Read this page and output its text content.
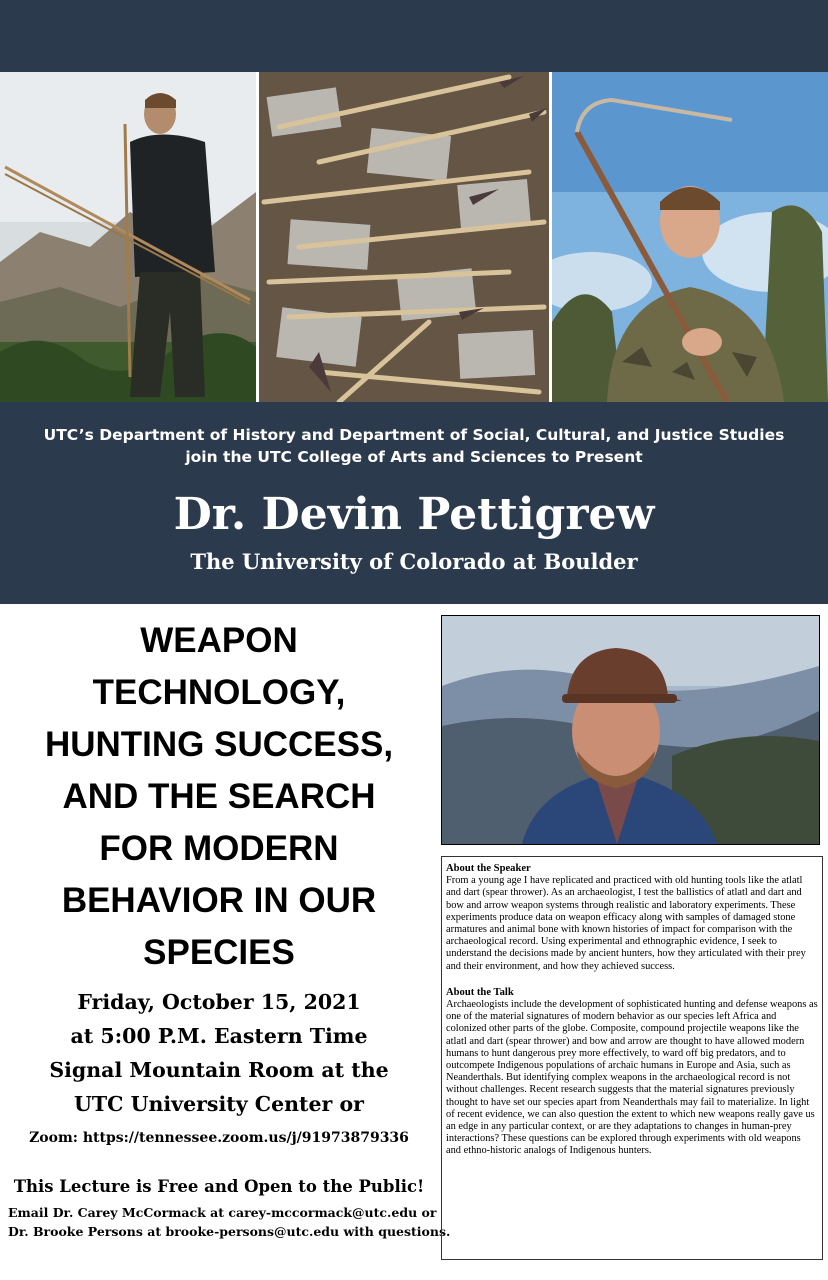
UTC’s Department of History and Department of Social, Cultural, and Justice Studies
join the UTC College of Arts and Sciences to Present
Dr. Devin Pettigrew
The University of Colorado at Boulder
WEAPON
TECHNOLOGY,
HUNTING SUCCESS,
AND THE SEARCH
FOR MODERN
BEHAVIOR IN OUR
SPECIES
Friday, October 15, 2021
at 5:00 P.M. Eastern Time
Signal Mountain Room at the
UTC University Center or
Zoom: https://tennessee.zoom.us/j/91973879336
This Lecture is Free and Open to the Public!
Email Dr. Carey McCormack at carey-mccormack@utc.edu or
Dr. Brooke Persons at brooke-persons@utc.edu with questions.

About the Speaker

From a young age I have replicated and practiced with old hunting tools like the atlatl and dart (spear thrower). As an archaeologist, I test the ballistics of atlatl and dart and bow and arrow weapon systems through realistic and laboratory experiments. These experiments produce data on weapon efficacy along with samples of damaged stone armatures and animal bone with known histories of impact for comparison with the archaeological record. Using experimental and ethnographic evidence, I seek to understand the decisions made by ancient hunters, how they articulated with their prey and their environment, and how they achieved success.

About the Talk

Archaeologists include the development of sophisticated hunting and defense weapons as one of the material signatures of modern behavior as our species left Africa and colonized other parts of the globe. Composite, compound projectile weapons like the atlatl and dart (spear thrower) and bow and arrow are thought to have allowed modern humans to hunt dangerous prey more effectively, to ward off big predators, and to outcompete Indigenous populations of archaic humans in Europe and Asia, such as Neanderthals. But identifying complex weapons in the archaeological record is not without challenges. Recent research suggests that the material signatures previously thought to have set our species apart from Neanderthals may fail to materialize. In light of recent evidence, we can also question the extent to which new weapons really gave us an edge in any particular context, or are they adaptations to changes in human-prey interactions? These questions can be explored through experiments with old weapons and ethno-historic analogs of Indigenous hunters.
